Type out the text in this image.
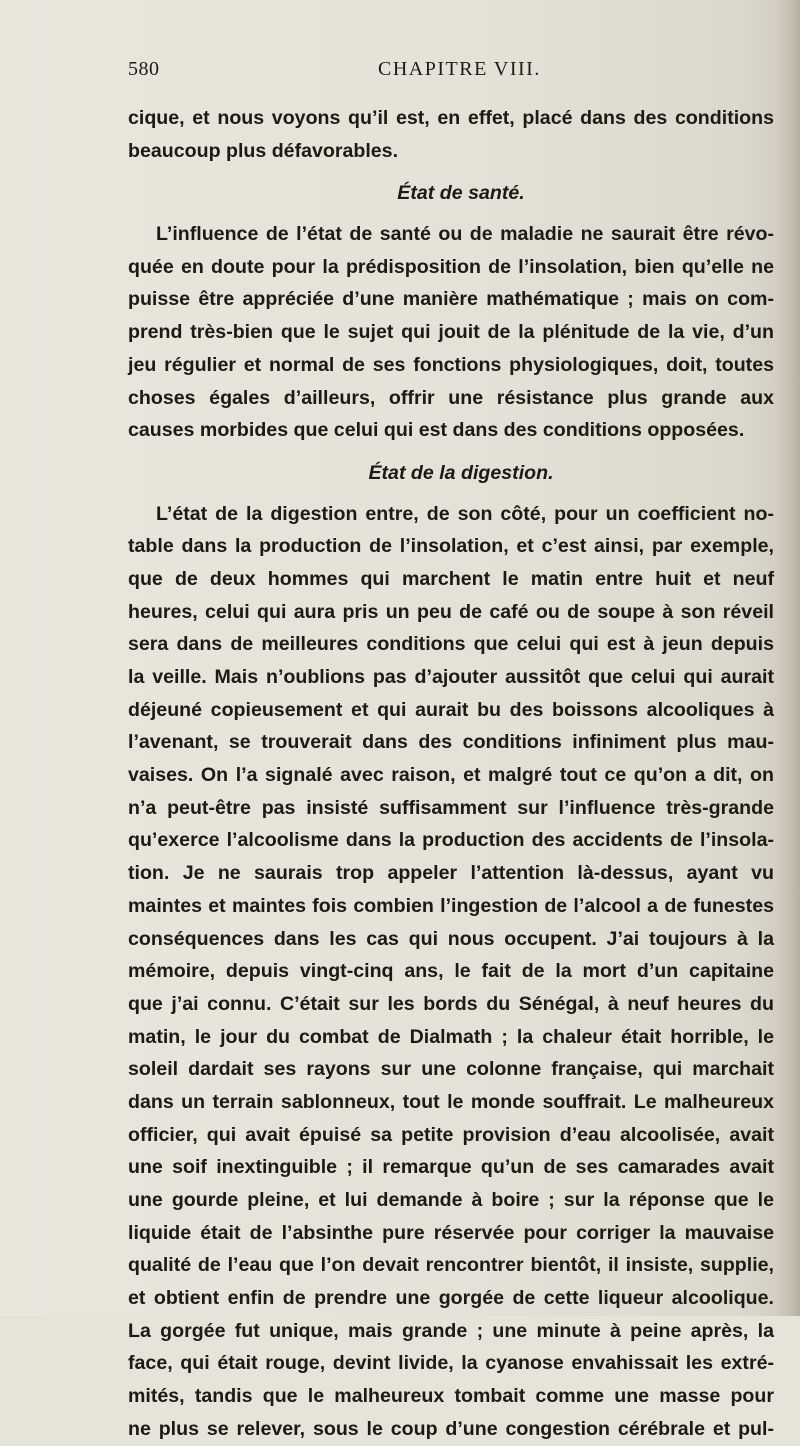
580	CHAPITRE VIII.
cique, et nous voyons qu’il est, en effet, placé dans des conditions
beaucoup plus défavorables.
État de santé.
L’influence de l’état de santé ou de maladie ne saurait être révo-
quée en doute pour la prédisposition de l’insolation, bien qu’elle ne
puisse être appréciée d’une manière mathématique ; mais on com-
prend très-bien que le sujet qui jouit de la plénitude de la vie, d’un
jeu régulier et normal de ses fonctions physiologiques, doit, toutes
choses égales d’ailleurs, offrir une résistance plus grande aux
causes morbides que celui qui est dans des conditions opposées.
État de la digestion.
L’état de la digestion entre, de son côté, pour un coefficient no-
table dans la production de l’insolation, et c’est ainsi, par exemple,
que de deux hommes qui marchent le matin entre huit et neuf
heures, celui qui aura pris un peu de café ou de soupe à son réveil
sera dans de meilleures conditions que celui qui est à jeun depuis
la veille. Mais n’oublions pas d’ajouter aussitôt que celui qui aurait
déjeuné copieusement et qui aurait bu des boissons alcooliques à
l’avenant, se trouverait dans des conditions infiniment plus mau-
vaises. On l’a signalé avec raison, et malgré tout ce qu’on a dit, on
n’a peut-être pas insisté suffisamment sur l’influence très-grande
qu’exerce l’alcoolisme dans la production des accidents de l’insola-
tion. Je ne saurais trop appeler l’attention là-dessus, ayant vu
maintes et maintes fois combien l’ingestion de l’alcool a de funestes
conséquences dans les cas qui nous occupent. J’ai toujours à la
mémoire, depuis vingt-cinq ans, le fait de la mort d’un capitaine
que j’ai connu. C’était sur les bords du Sénégal, à neuf heures du
matin, le jour du combat de Dialmath ; la chaleur était horrible, le
soleil dardait ses rayons sur une colonne française, qui marchait
dans un terrain sablonneux, tout le monde souffrait. Le malheureux
officier, qui avait épuisé sa petite provision d’eau alcoolisée, avait
une soif inextinguible ; il remarque qu’un de ses camarades avait
une gourde pleine, et lui demande à boire ; sur la réponse que le
liquide était de l’absinthe pure réservée pour corriger la mauvaise
qualité de l’eau que l’on devait rencontrer bientôt, il insiste, supplie,
et obtient enfin de prendre une gorgée de cette liqueur alcoolique.
La gorgée fut unique, mais grande ; une minute à peine après, la
face, qui était rouge, devint livide, la cyanose envahissait les extré-
mités, tandis que le malheureux tombait comme une masse pour
ne plus se relever, sous le coup d’une congestion cérébrale et pul-
